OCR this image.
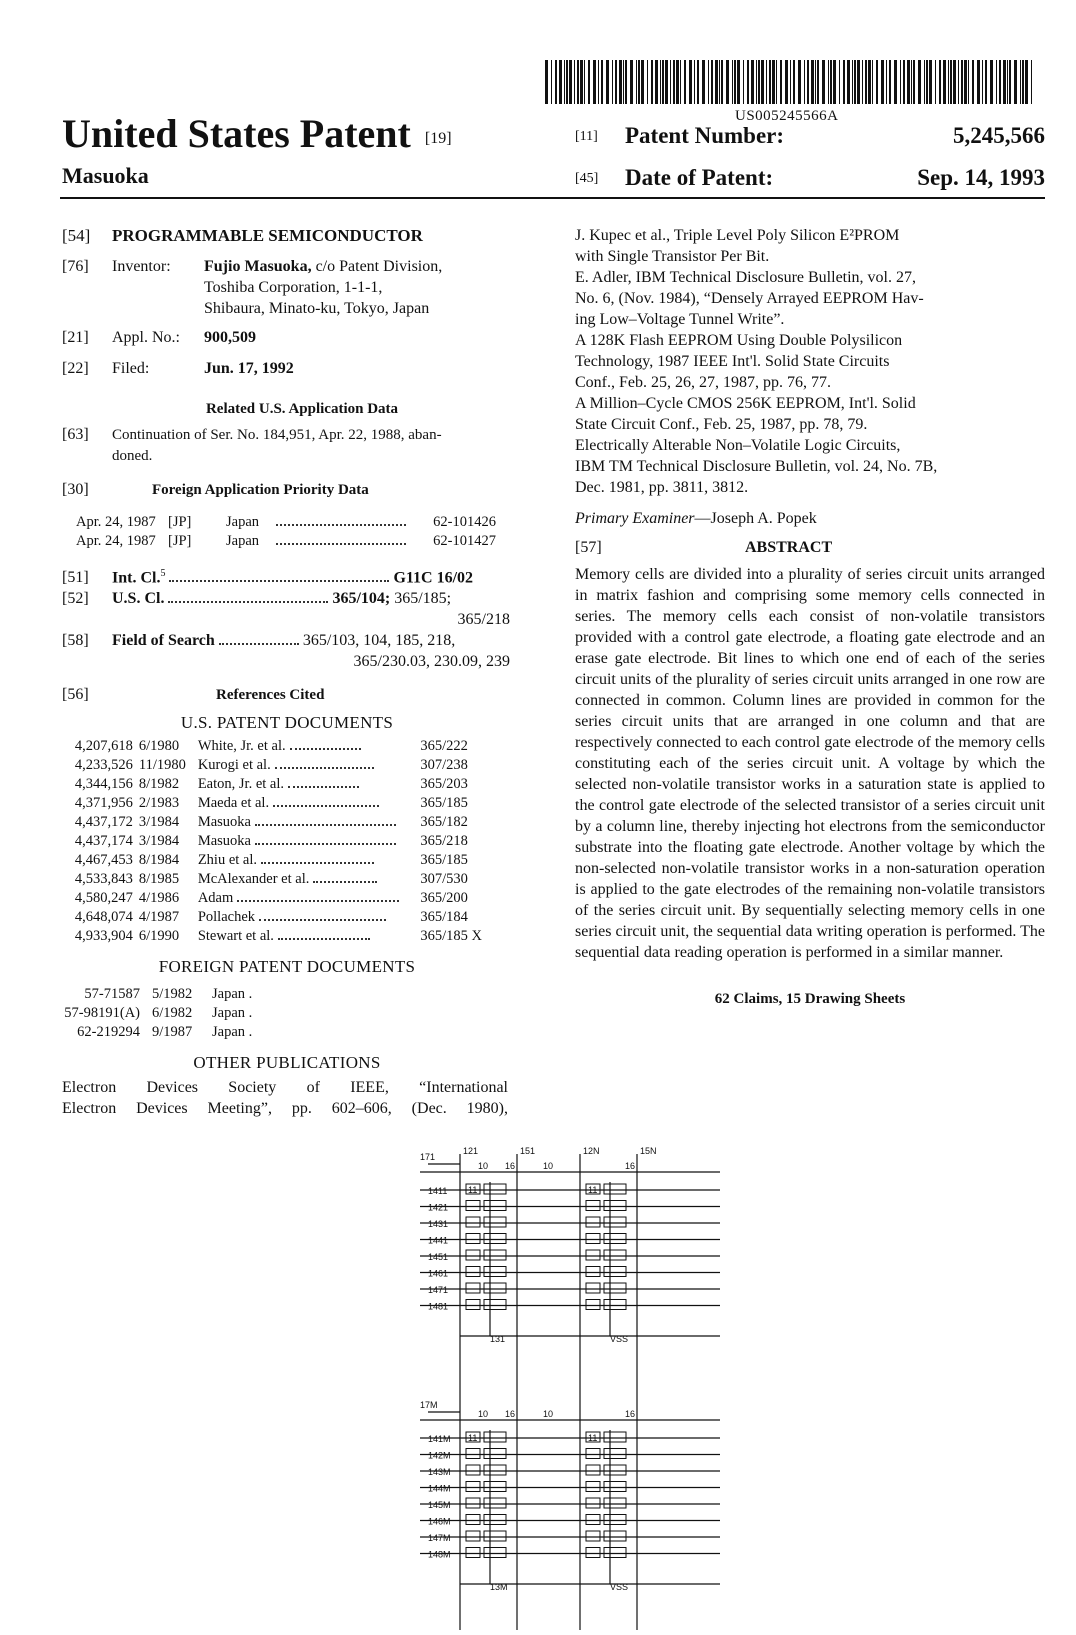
US005245566A
United States Patent [19]
Masuoka
[11] Patent Number:	5,245,566
[45] Date of Patent:	Sep. 14, 1993
[54] PROGRAMMABLE SEMICONDUCTOR
[76] Inventor: Fujio Masuoka, c/o Patent Division,
Toshiba Corporation, 1-1-1,
Shibaura, Minato-ku, Tokyo, Japan
[21] Appl. No.: 900,509
[22] Filed:	Jun. 17, 1992
Related U.S. Application Data
[63] Continuation of Ser. No. 184,951, Apr. 22, 1988, aban-
doned.
[30]	Foreign Application Priority Data
Apr. 24, 1987	[JP]	Japan		62-101426
Apr. 24, 1987	[JP]	Japan		62-101427
[51] Int. Cl.$^5$	G11C 16/02
[52] U.S. Cl.	365/104; 365/185;
365/218
[58] Field of Search	365/103, 104, 185, 218,
365/230.03, 230.09, 239
[56]	References Cited
U.S. PATENT DOCUMENTS
4,207,618	6/1980	White, Jr. et al.	365/222
4,233,526	11/1980	Kurogi et al.	307/238
4,344,156	8/1982	Eaton, Jr. et al.	365/203
4,371,956	2/1983	Maeda et al.	365/185
4,437,172	3/1984	Masuoka	365/182
4,437,174	3/1984	Masuoka	365/218
4,467,453	8/1984	Zhiu et al.	365/185
4,533,843	8/1985	McAlexander et al.	307/530
4,580,247	4/1986	Adam	365/200
4,648,074	4/1987	Pollachek	365/184
4,933,904	6/1990	Stewart et al.	365/185 X
FOREIGN PATENT DOCUMENTS
57-71587	5/1982	Japan .
57-98191(A)	6/1982	Japan .
62-219294	9/1987	Japan .
OTHER PUBLICATIONS
Electron Devices Society of IEEE, “International
Electron Devices Meeting”, pp. 602–606, (Dec. 1980),
J. Kupec et al., Triple Level Poly Silicon E²PROM
with Single Transistor Per Bit.
E. Adler, IBM Technical Disclosure Bulletin, vol. 27,
No. 6, (Nov. 1984), “Densely Arrayed EEPROM Hav-
ing Low–Voltage Tunnel Write”.
A 128K Flash EEPROM Using Double Polysilicon
Technology, 1987 IEEE Int'l. Solid State Circuits
Conf., Feb. 25, 26, 27, 1987, pp. 76, 77.
A Million–Cycle CMOS 256K EEPROM, Int'l. Solid
State Circuit Conf., Feb. 25, 1987, pp. 78, 79.
Electrically Alterable Non–Volatile Logic Circuits,
IBM TM Technical Disclosure Bulletin, vol. 24, No. 7B,
Dec. 1981, pp. 3811, 3812.
Primary Examiner—Joseph A. Popek
[57]	ABSTRACT
Memory cells are divided into a plurality of series circuit units arranged in matrix fashion and comprising some memory cells connected in series. The memory cells each consist of non-volatile transistors provided with a control gate electrode, a floating gate electrode and an erase gate electrode. Bit lines to which one end of each of the series circuit units of the plurality of series circuit units arranged in one row are connected in common. Column lines are provided in common for the series circuit units that are arranged in one column and that are respectively connected to each control gate electrode of the memory cells constituting each of the series circuit unit. A voltage by which the selected non-volatile transistor works in a saturation state is applied to the control gate electrode of the selected transistor of a series circuit unit by a column line, thereby injecting hot electrons from the semiconductor substrate into the floating gate electrode. Another voltage by which the non-selected non-volatile transistor works in a non-saturation operation is applied to the gate electrodes of the remaining non-volatile transistors of the series circuit unit. By sequentially selecting memory cells in one series circuit unit, the sequential data writing operation is performed. The sequential data reading operation is performed in a similar manner.
62 Claims, 15 Drawing Sheets
121	151	12N	15N
171
10 16	10	16
1411 11	11
1421
1431
1441
1451
1461
1471
1481
131	VSS
17M
10 16	10	16
141M 11	11
142M
143M
144M
145M
146M
147M
148M
13M	VSS
